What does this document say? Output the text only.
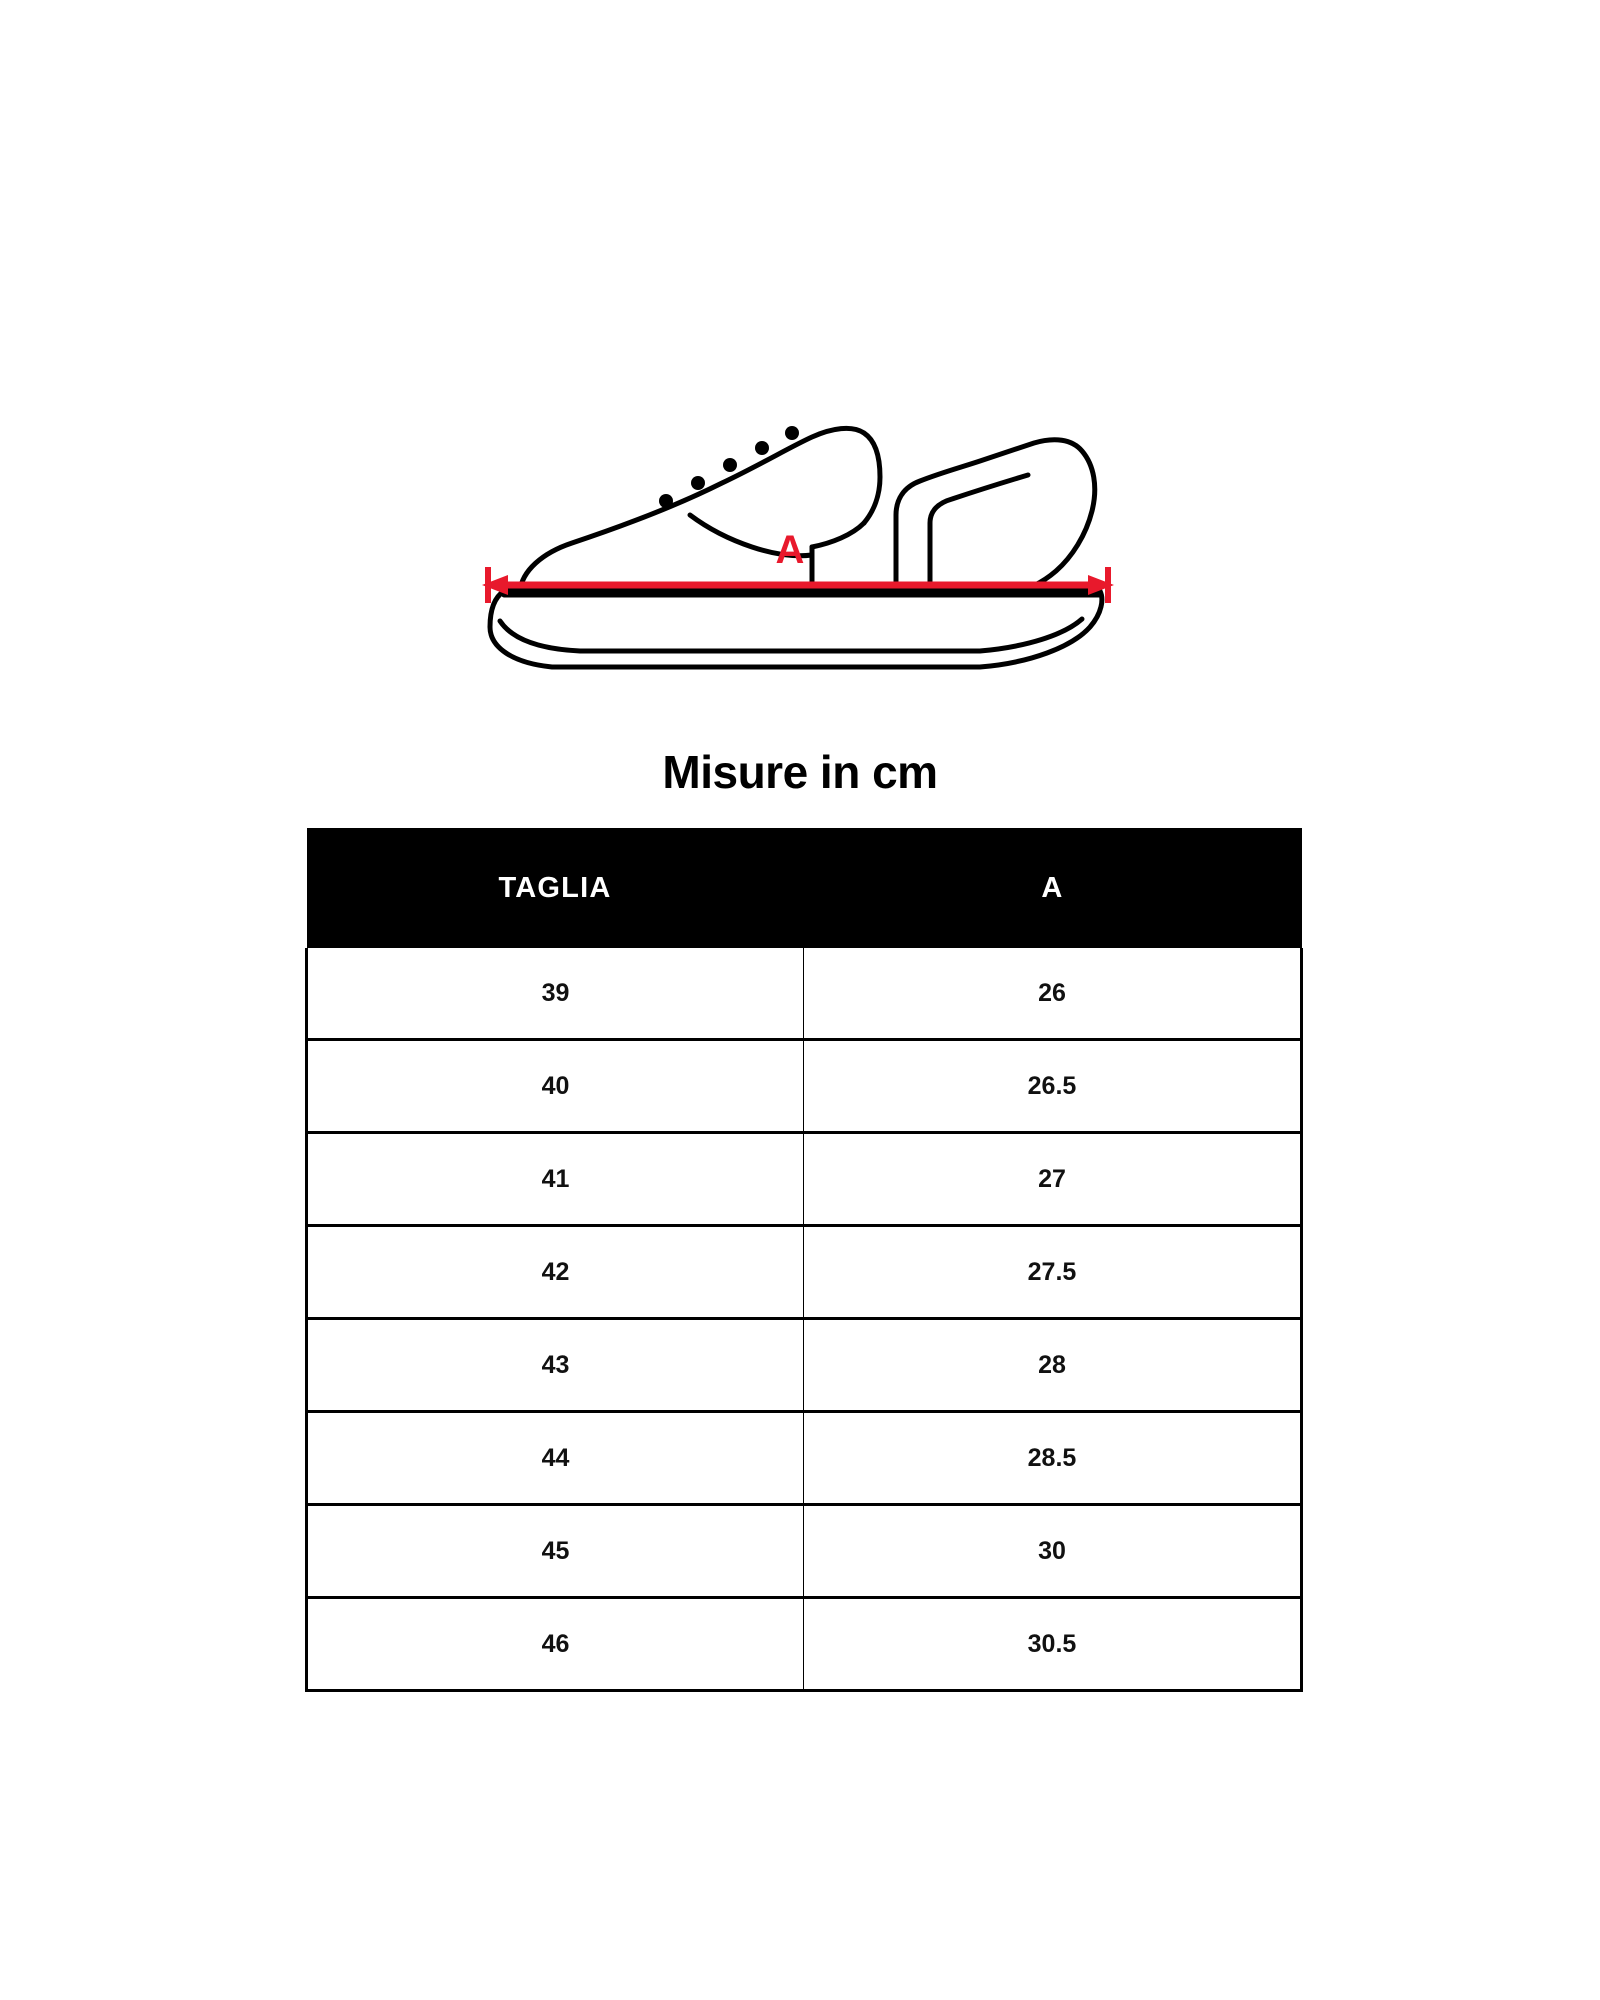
A
Misure in cm
TAGLIA	A
39	26
40	26.5
41	27
42	27.5
43	28
44	28.5
45	30
46	30.5
